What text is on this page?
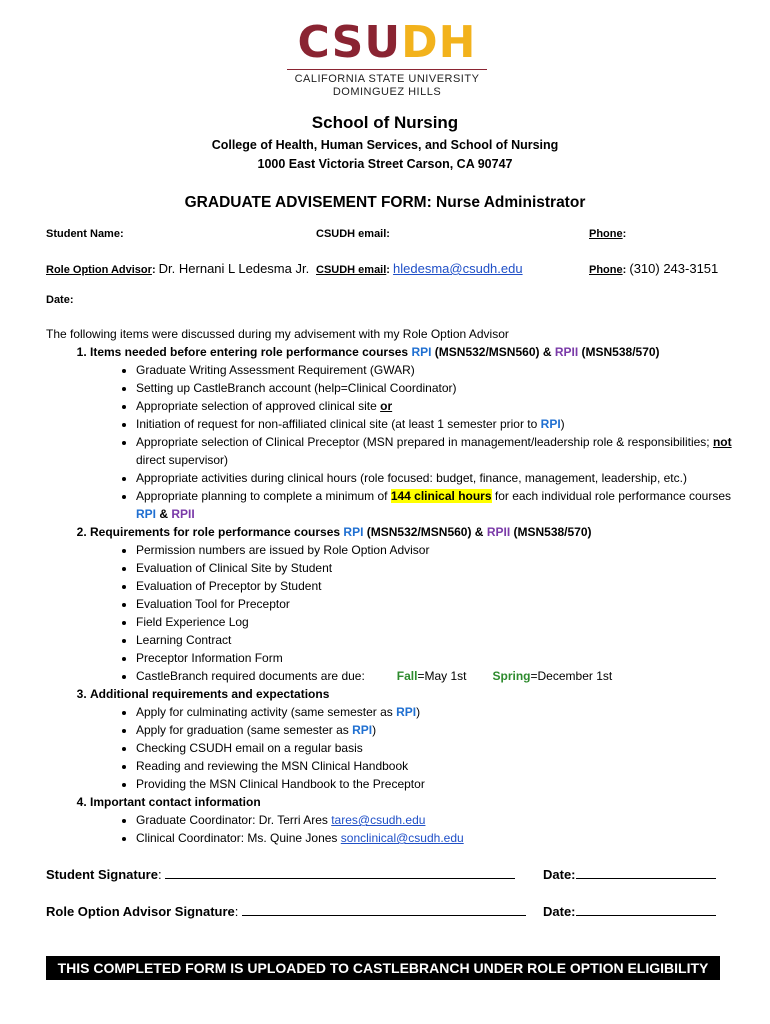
CSUDH
CALIFORNIA STATE UNIVERSITY
DOMINGUEZ HILLS
School of Nursing
College of Health, Human Services, and School of Nursing
1000 East Victoria Street Carson, CA 90747
GRADUATE ADVISEMENT FORM: Nurse Administrator
Student Name:	CSUDH email:	Phone:
Role Option Advisor: Dr. Hernani L Ledesma Jr. CSUDH email: hledesma@csudh.edu	Phone: (310) 243-3151
Date:
The following items were discussed during my advisement with my Role Option Advisor
1. Items needed before entering role performance courses RPI (MSN532/MSN560) & RPII (MSN538/570)
• Graduate Writing Assessment Requirement (GWAR)
• Setting up CastleBranch account (help=Clinical Coordinator)
• Appropriate selection of approved clinical site or
• Initiation of request for non-affiliated clinical site (at least 1 semester prior to RPI)
• Appropriate selection of Clinical Preceptor (MSN prepared in management/leadership role & responsibilities; not direct supervisor)
• Appropriate activities during clinical hours (role focused: budget, finance, management, leadership, etc.)
• Appropriate planning to complete a minimum of 144 clinical hours for each individual role performance courses RPI & RPII
2. Requirements for role performance courses RPI (MSN532/MSN560) & RPII (MSN538/570)
• Permission numbers are issued by Role Option Advisor
• Evaluation of Clinical Site by Student
• Evaluation of Preceptor by Student
• Evaluation Tool for Preceptor
• Field Experience Log
• Learning Contract
• Preceptor Information Form
• CastleBranch required documents are due:	Fall=May 1st Spring=December 1st
3. Additional requirements and expectations
• Apply for culminating activity (same semester as RPI)
• Apply for graduation (same semester as RPI)
• Checking CSUDH email on a regular basis
• Reading and reviewing the MSN Clinical Handbook
• Providing the MSN Clinical Handbook to the Preceptor
4. Important contact information
• Graduate Coordinator: Dr. Terri Ares tares@csudh.edu
• Clinical Coordinator: Ms. Quine Jones sonclinical@csudh.edu
Student Signature:	Date:
Role Option Advisor Signature:	Date:
THIS COMPLETED FORM IS UPLOADED TO CASTLEBRANCH UNDER ROLE OPTION ELIGIBILITY
